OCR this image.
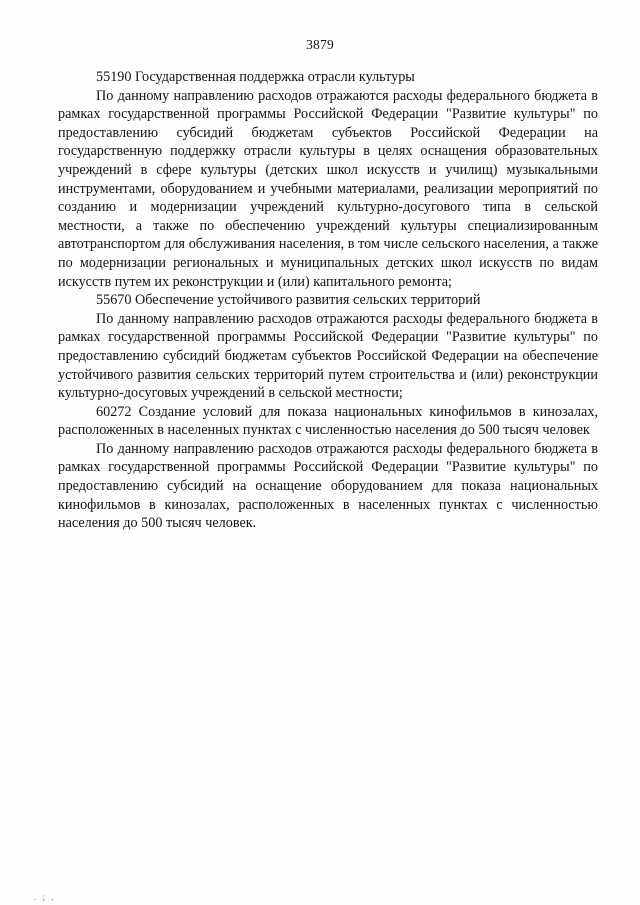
3879

55190 Государственная поддержка отрасли культуры

По данному направлению расходов отражаются расходы федерального бюджета в рамках государственной программы Российской Федерации "Развитие культуры" по предоставлению субсидий бюджетам субъектов Российской Федерации на государственную поддержку отрасли культуры в целях оснащения образовательных учреждений в сфере культуры (детских школ искусств и училищ) музыкальными инструментами, оборудованием и учебными материалами, реализации мероприятий по созданию и модернизации учреждений культурно-досугового типа в сельской местности, а также по обеспечению учреждений культуры специализированным автотранспортом для обслуживания населения, в том числе сельского населения, а также по модернизации региональных и муниципальных детских школ искусств по видам искусств путем их реконструкции и (или) капитального ремонта;

55670 Обеспечение устойчивого развития сельских территорий

По данному направлению расходов отражаются расходы федерального бюджета в рамках государственной программы Российской Федерации "Развитие культуры" по предоставлению субсидий бюджетам субъектов Российской Федерации на обеспечение устойчивого развития сельских территорий путем строительства и (или) реконструкции культурно-досуговых учреждений в сельской местности;

60272 Создание условий для показа национальных кинофильмов в кинозалах, расположенных в населенных пунктах с численностью населения до 500 тысяч человек

По данному направлению расходов отражаются расходы федерального бюджета в рамках государственной программы Российской Федерации "Развитие культуры" по предоставлению субсидий на оснащение оборудованием для показа национальных кинофильмов в кинозалах, расположенных в населенных пунктах с численностью населения до 500 тысяч человек.

. ; .
